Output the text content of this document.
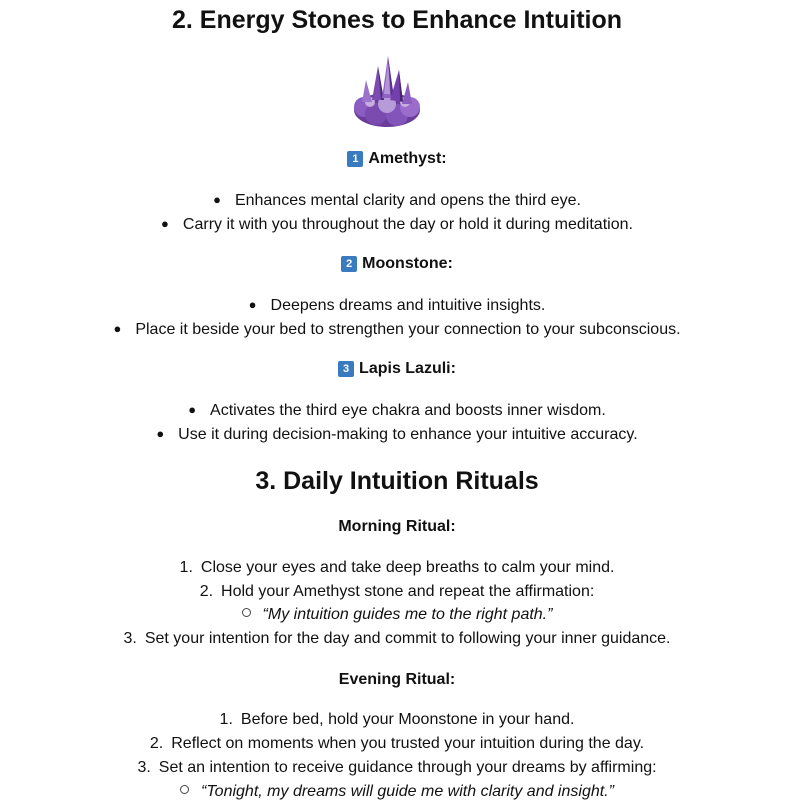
2. Energy Stones to Enhance Intuition
1 Amethyst:
● Enhances mental clarity and opens the third eye.
● Carry it with you throughout the day or hold it during meditation.
2 Moonstone:
● Deepens dreams and intuitive insights.
● Place it beside your bed to strengthen your connection to your subconscious.
3 Lapis Lazuli:
● Activates the third eye chakra and boosts inner wisdom.
● Use it during decision-making to enhance your intuitive accuracy.
3. Daily Intuition Rituals
Morning Ritual:
1. Close your eyes and take deep breaths to calm your mind.
2. Hold your Amethyst stone and repeat the affirmation:
“My intuition guides me to the right path.”
3. Set your intention for the day and commit to following your inner guidance.
Evening Ritual:
1. Before bed, hold your Moonstone in your hand.
2. Reflect on moments when you trusted your intuition during the day.
3. Set an intention to receive guidance through your dreams by affirming:
“Tonight, my dreams will guide me with clarity and insight.”
